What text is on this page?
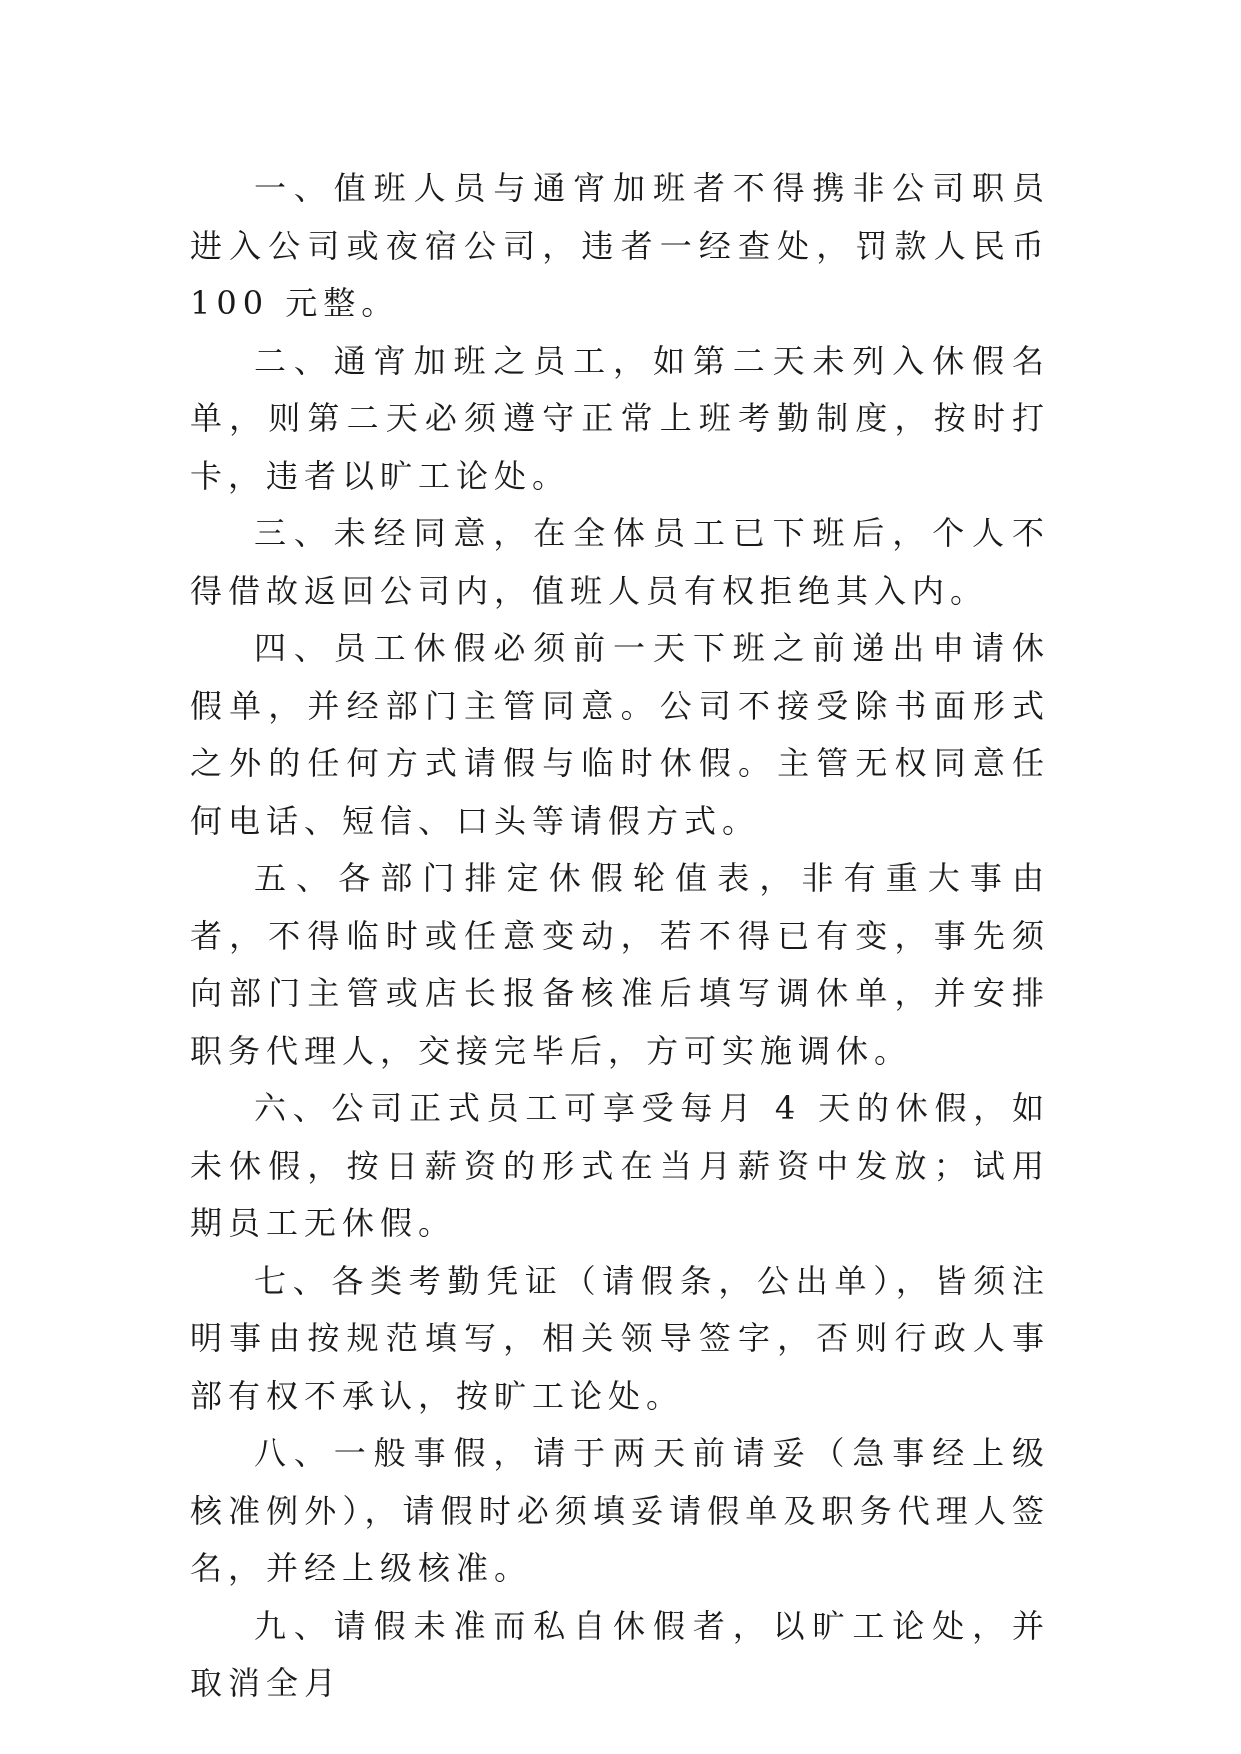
一、值班人员与通宵加班者不得携非公司职员进入公司或夜宿公司，违者一经查处，罚款人民币 100 元整。

二、通宵加班之员工，如第二天未列入休假名单，则第二天必须遵守正常上班考勤制度，按时打卡，违者以旷工论处。

三、未经同意，在全体员工已下班后，个人不得借故返回公司内，值班人员有权拒绝其入内。

四、员工休假必须前一天下班之前递出申请休假单，并经部门主管同意。公司不接受除书面形式之外的任何方式请假与临时休假。主管无权同意任何电话、短信、口头等请假方式。

五、各部门排定休假轮值表，非有重大事由者，不得临时或任意变动，若不得已有变，事先须向部门主管或店长报备核准后填写调休单，并安排职务代理人，交接完毕后，方可实施调休。

六、公司正式员工可享受每月 4 天的休假，如未休假，按日薪资的形式在当月薪资中发放；试用期员工无休假。

七、各类考勤凭证（请假条，公出单），皆须注明事由按规范填写，相关领导签字，否则行政人事部有权不承认，按旷工论处。

八、一般事假，请于两天前请妥（急事经上级核准例外），请假时必须填妥请假单及职务代理人签名，并经上级核准。

九、请假未准而私自休假者，以旷工论处，并取消全月
